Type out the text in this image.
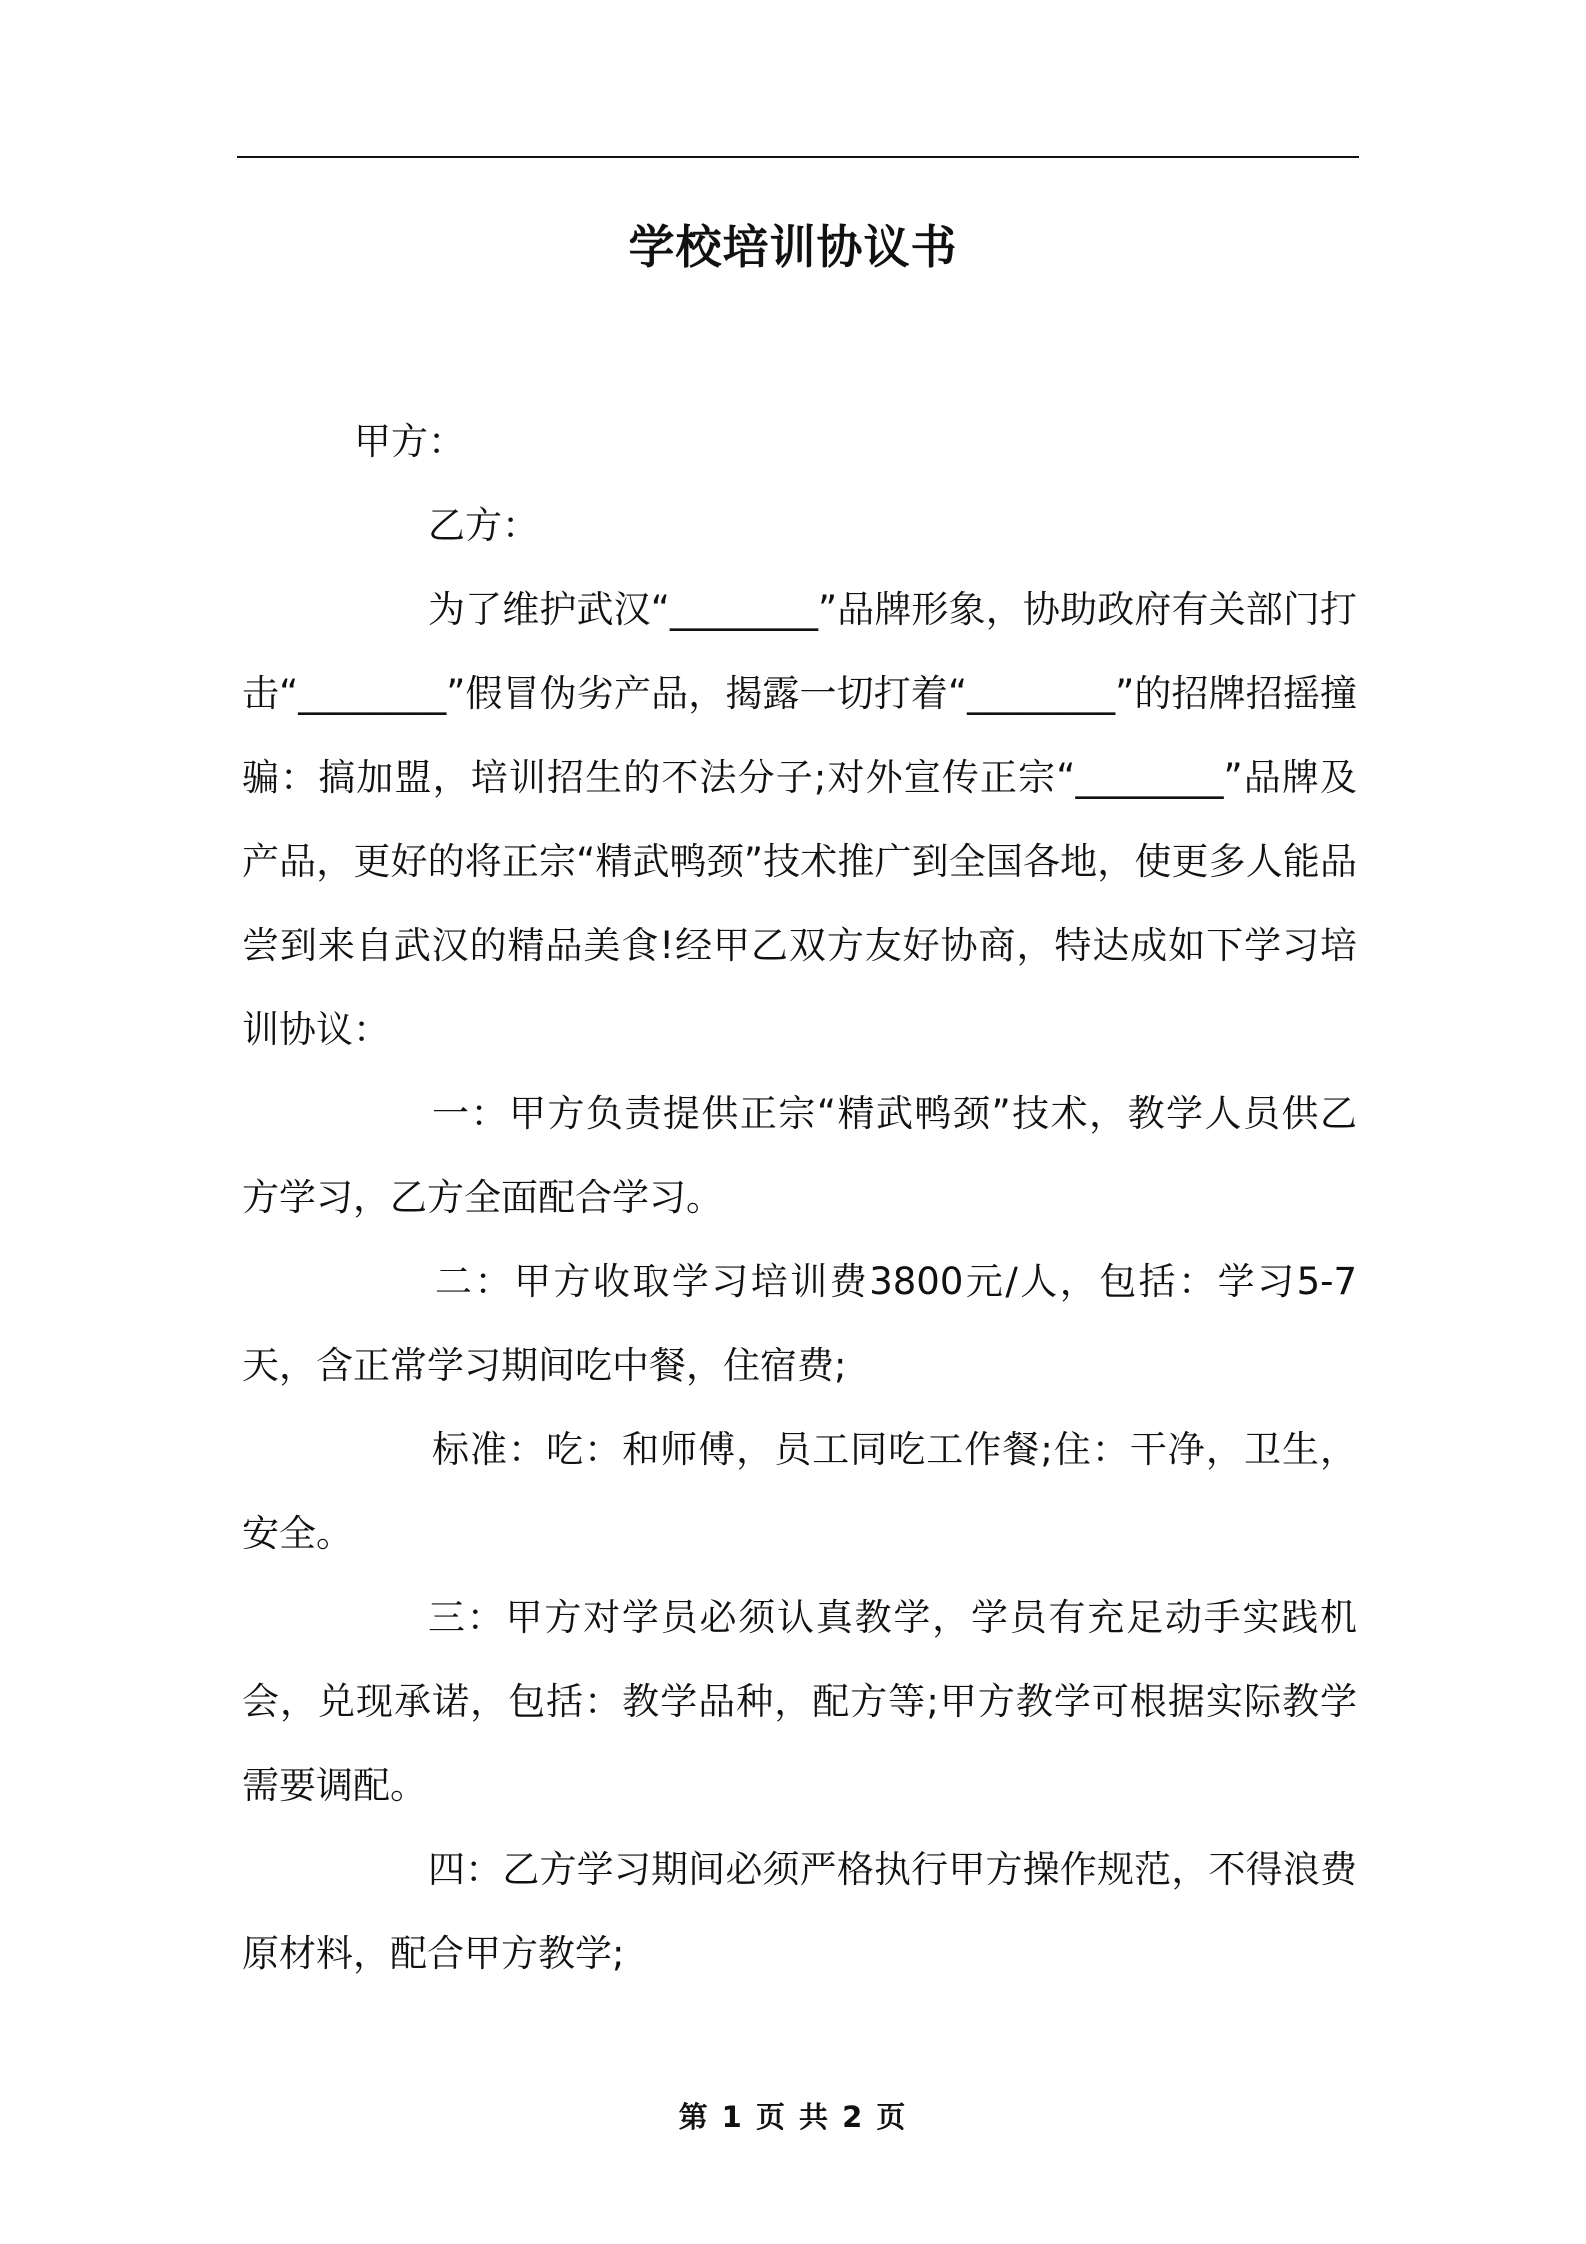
学校培训协议书

甲方：

乙方：

为了维护武汉“________”品牌形象，协助政府有关部门打击“________”假冒伪劣产品，揭露一切打着“________”的招牌招摇撞骗：搞加盟，培训招生的不法分子;对外宣传正宗“________”品牌及产品，更好的将正宗“精武鸭颈”技术推广到全国各地，使更多人能品尝到来自武汉的精品美食!经甲乙双方友好协商，特达成如下学习培训协议：

一：甲方负责提供正宗“精武鸭颈”技术，教学人员供乙方学习，乙方全面配合学习。

二：甲方收取学习培训费3800元/人，包括：学习5-7天，含正常学习期间吃中餐，住宿费;

标准：吃：和师傅，员工同吃工作餐;住：干净，卫生，安全。

三：甲方对学员必须认真教学，学员有充足动手实践机会，兑现承诺，包括：教学品种，配方等;甲方教学可根据实际教学需要调配。

四：乙方学习期间必须严格执行甲方操作规范，不得浪费原材料，配合甲方教学;

第 1 页 共 2 页
